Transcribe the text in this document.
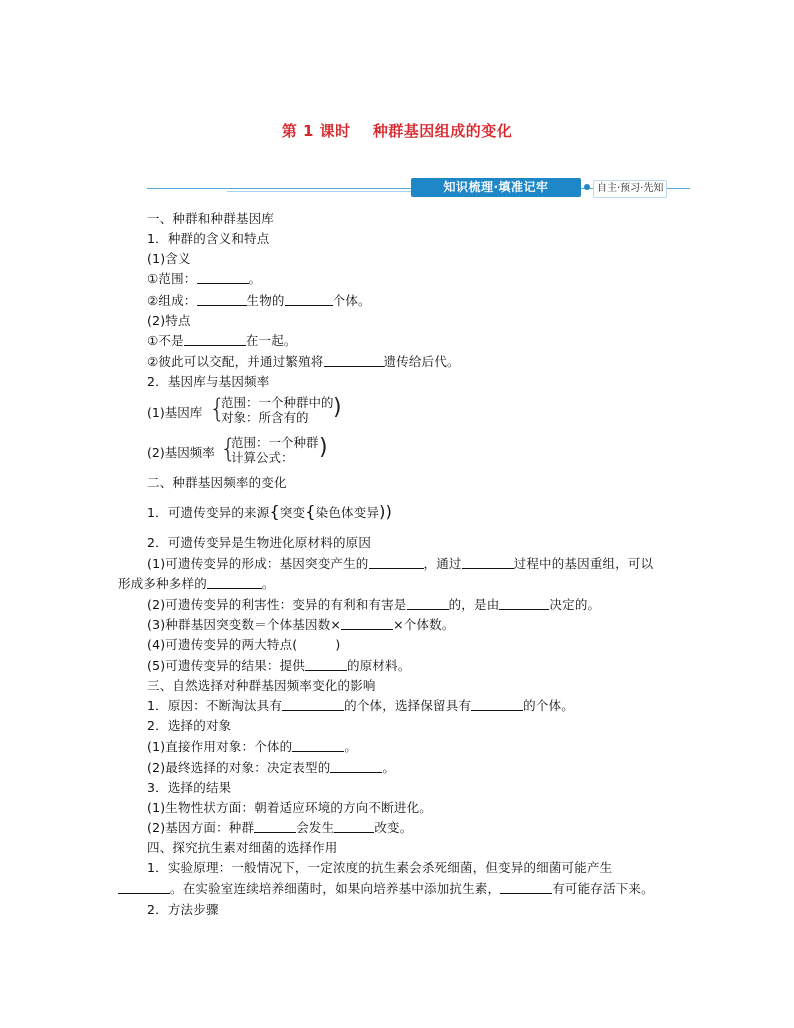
第 1 课时 种群基因组成的变化
知识梳理·填准记牢	自主·预习·先知
一、种群和种群基因库
1．种群的含义和特点
(1)含义
①范围：	。
②组成：	生物的	个体。
(2)特点
①不是	在一起。
②彼此可以交配，并通过繁殖将	遗传给后代。
2．基因库与基因频率
(1)基因库 {
范围：一个种群中的
对象：所含有的 )
(2)基因频率 {
范围：一个种群
计算公式： )
二、种群基因频率的变化
1．可遗传变异的来源{突变{染色体变异))
2．可遗传变异是生物进化原材料的原因
(1)可遗传变异的形成：基因突变产生的	，通过	过程中的基因重组，可以
形成多种多样的	。
(2)可遗传变异的利害性：变异的有利和有害是	的，是由	决定的。
(3)种群基因突变数＝个体基因数×	×个体数。
(4)可遗传变异的两大特点(	)
(5)可遗传变异的结果：提供	的原材料。
三、自然选择对种群基因频率变化的影响
1．原因：不断淘汰具有	的个体，选择保留具有	的个体。
2．选择的对象
(1)直接作用对象：个体的	。
(2)最终选择的对象：决定表型的	。
3．选择的结果
(1)生物性状方面：朝着适应环境的方向不断进化。
(2)基因方面：种群	会发生	改变。
四、探究抗生素对细菌的选择作用
1．实验原理：一般情况下，一定浓度的抗生素会杀死细菌，但变异的细菌可能产生
。在实验室连续培养细菌时，如果向培养基中添加抗生素，	有可能存活下来。
2．方法步骤
